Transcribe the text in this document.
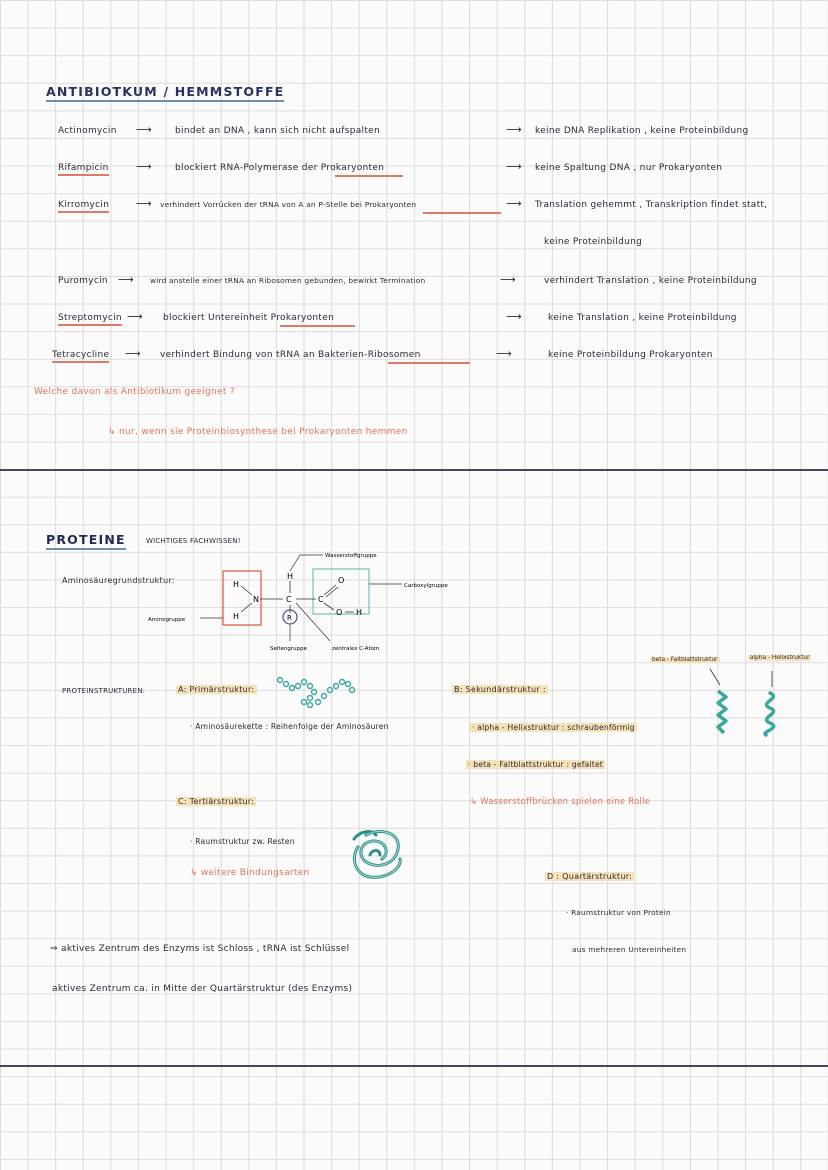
ANTIBIOTKUM / HEMMSTOFFE
Actinomycin ⟶	bindet an DNA , kann sich nicht aufspalten	⟶ keine DNA Replikation , keine Proteinbildung
Rifampicin ⟶	blockiert RNA-Polymerase der Prokaryonten	⟶ keine Spaltung DNA , nur Prokaryonten
Kirromycin ⟶ verhindert Vorrücken der tRNA von A an P-Stelle bei Prokaryonten	⟶ Translation gehemmt , Transkription findet statt,
keine Proteinbildung
Puromycin ⟶ wird anstelle einer tRNA an Ribosomen gebunden, bewirkt Termination	⟶	verhindert Translation , keine Proteinbildung
Streptomycin ⟶ blockiert Untereinheit Prokaryonten	⟶	keine Translation , keine Proteinbildung
Tetracycline ⟶ verhindert Bindung von tRNA an Bakterien-Ribosomen	⟶	keine Proteinbildung Prokaryonten
Welche davon als Antibiotikum geeignet ?
↳ nur, wenn sie Proteinbiosynthese bei Prokaryonten hemmen
PROTEINE	WICHTIGES FACHWISSEN!
Aminosäuregrundstruktur:	H
N
H
H
C	C
O
O H
R
Wasserstoffgruppe
Carboxylgruppe
Aminogruppe
Seitengruppe	zentrales C-Atom
PROTEINSTRUKTUREN:	A: Primärstruktur:
· Aminosäurekette : Reihenfolge der Aminosäuren
B: Sekundärstruktur :
· alpha - Helixstruktur : schraubenförmig
· beta - Faltblattstruktur : gefaltet
↳ Wasserstoffbrücken spielen eine Rolle
beta - Faltblattstruktur	alpha - Helixstruktur
C: Tertiärstruktur:
· Raumstruktur zw. Resten
↳ weitere Bindungsarten	D : Quartärstruktur:
· Raumstruktur von Protein
aus mehreren Untereinheiten
⇒ aktives Zentrum des Enzyms ist Schloss , tRNA ist Schlüssel
aktives Zentrum ca. in Mitte der Quartärstruktur (des Enzyms)
